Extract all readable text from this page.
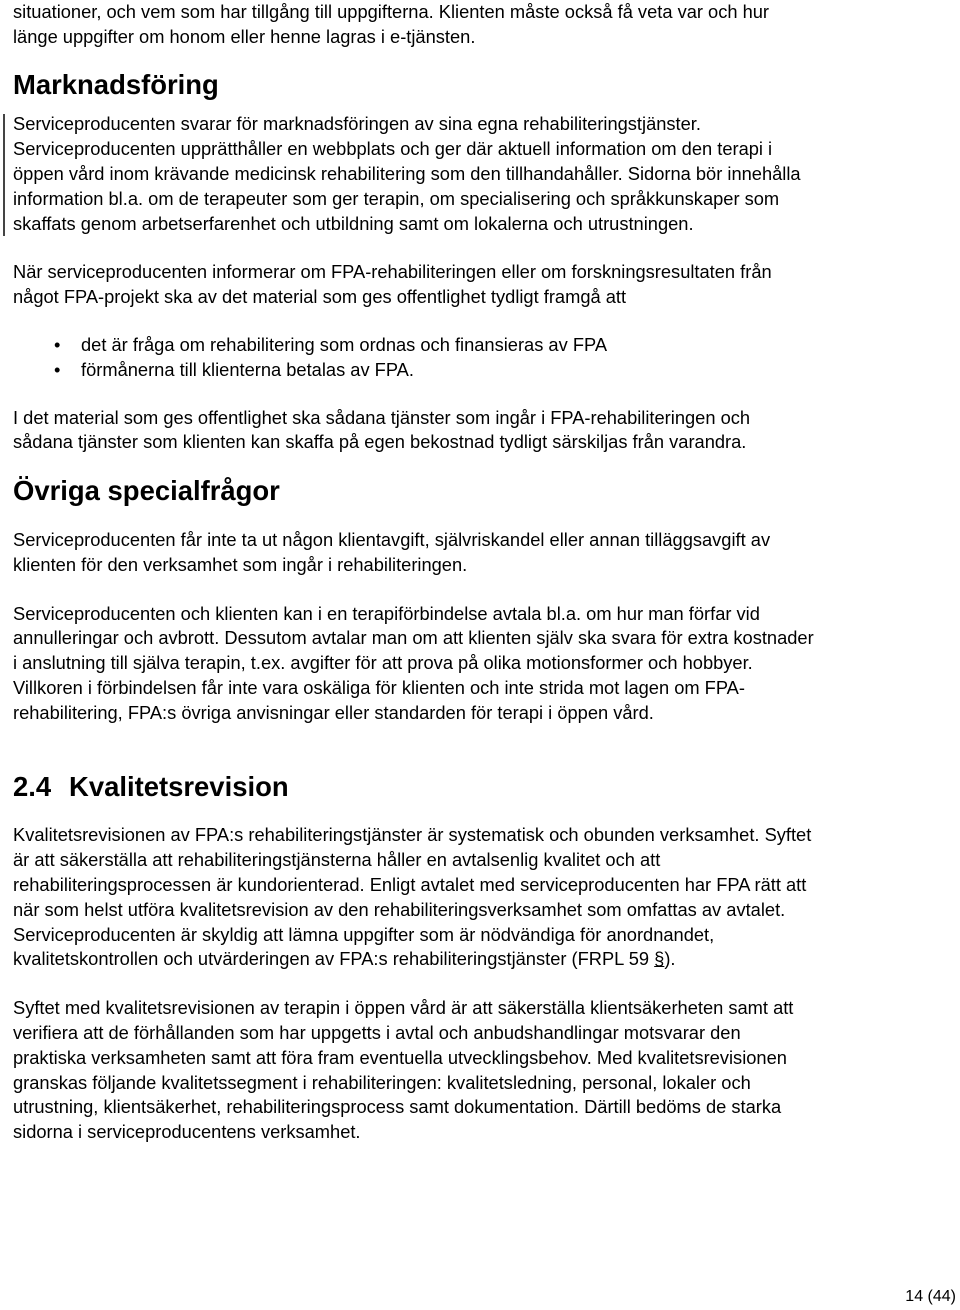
situationer, och vem som har tillgång till uppgifterna. Klienten måste också få veta var och hur
länge uppgifter om honom eller henne lagras i e-tjänsten.

Marknadsföring

Serviceproducenten svarar för marknadsföringen av sina egna rehabiliteringstjänster.
Serviceproducenten upprätthåller en webbplats och ger där aktuell information om den terapi i
öppen vård inom krävande medicinsk rehabilitering som den tillhandahåller. Sidorna bör innehålla
information bl.a. om de terapeuter som ger terapin, om specialisering och språkkunskaper som
skaffats genom arbetserfarenhet och utbildning samt om lokalerna och utrustningen.

När serviceproducenten informerar om FPA-rehabiliteringen eller om forskningsresultaten från
något FPA-projekt ska av det material som ges offentlighet tydligt framgå att

• det är fråga om rehabilitering som ordnas och finansieras av FPA
• förmånerna till klienterna betalas av FPA.

I det material som ges offentlighet ska sådana tjänster som ingår i FPA-rehabiliteringen och
sådana tjänster som klienten kan skaffa på egen bekostnad tydligt särskiljas från varandra.

Övriga specialfrågor

Serviceproducenten får inte ta ut någon klientavgift, självriskandel eller annan tilläggsavgift av
klienten för den verksamhet som ingår i rehabiliteringen.

Serviceproducenten och klienten kan i en terapiförbindelse avtala bl.a. om hur man förfar vid
annulleringar och avbrott. Dessutom avtalar man om att klienten själv ska svara för extra kostnader
i anslutning till själva terapin, t.ex. avgifter för att prova på olika motionsformer och hobbyer.
Villkoren i förbindelsen får inte vara oskäliga för klienten och inte strida mot lagen om FPA-
rehabilitering, FPA:s övriga anvisningar eller standarden för terapi i öppen vård.

2.4 Kvalitetsrevision

Kvalitetsrevisionen av FPA:s rehabiliteringstjänster är systematisk och obunden verksamhet. Syftet
är att säkerställa att rehabiliteringstjänsterna håller en avtalsenlig kvalitet och att
rehabiliteringsprocessen är kundorienterad. Enligt avtalet med serviceproducenten har FPA rätt att
när som helst utföra kvalitetsrevision av den rehabiliteringsverksamhet som omfattas av avtalet.
Serviceproducenten är skyldig att lämna uppgifter som är nödvändiga för anordnandet,
kvalitetskontrollen och utvärderingen av FPA:s rehabiliteringstjänster (FRPL 59 §).

Syftet med kvalitetsrevisionen av terapin i öppen vård är att säkerställa klientsäkerheten samt att
verifiera att de förhållanden som har uppgetts i avtal och anbudshandlingar motsvarar den
praktiska verksamheten samt att föra fram eventuella utvecklingsbehov. Med kvalitetsrevisionen
granskas följande kvalitetssegment i rehabiliteringen: kvalitetsledning, personal, lokaler och
utrustning, klientsäkerhet, rehabiliteringsprocess samt dokumentation. Därtill bedöms de starka
sidorna i serviceproducentens verksamhet.

14 (44)
